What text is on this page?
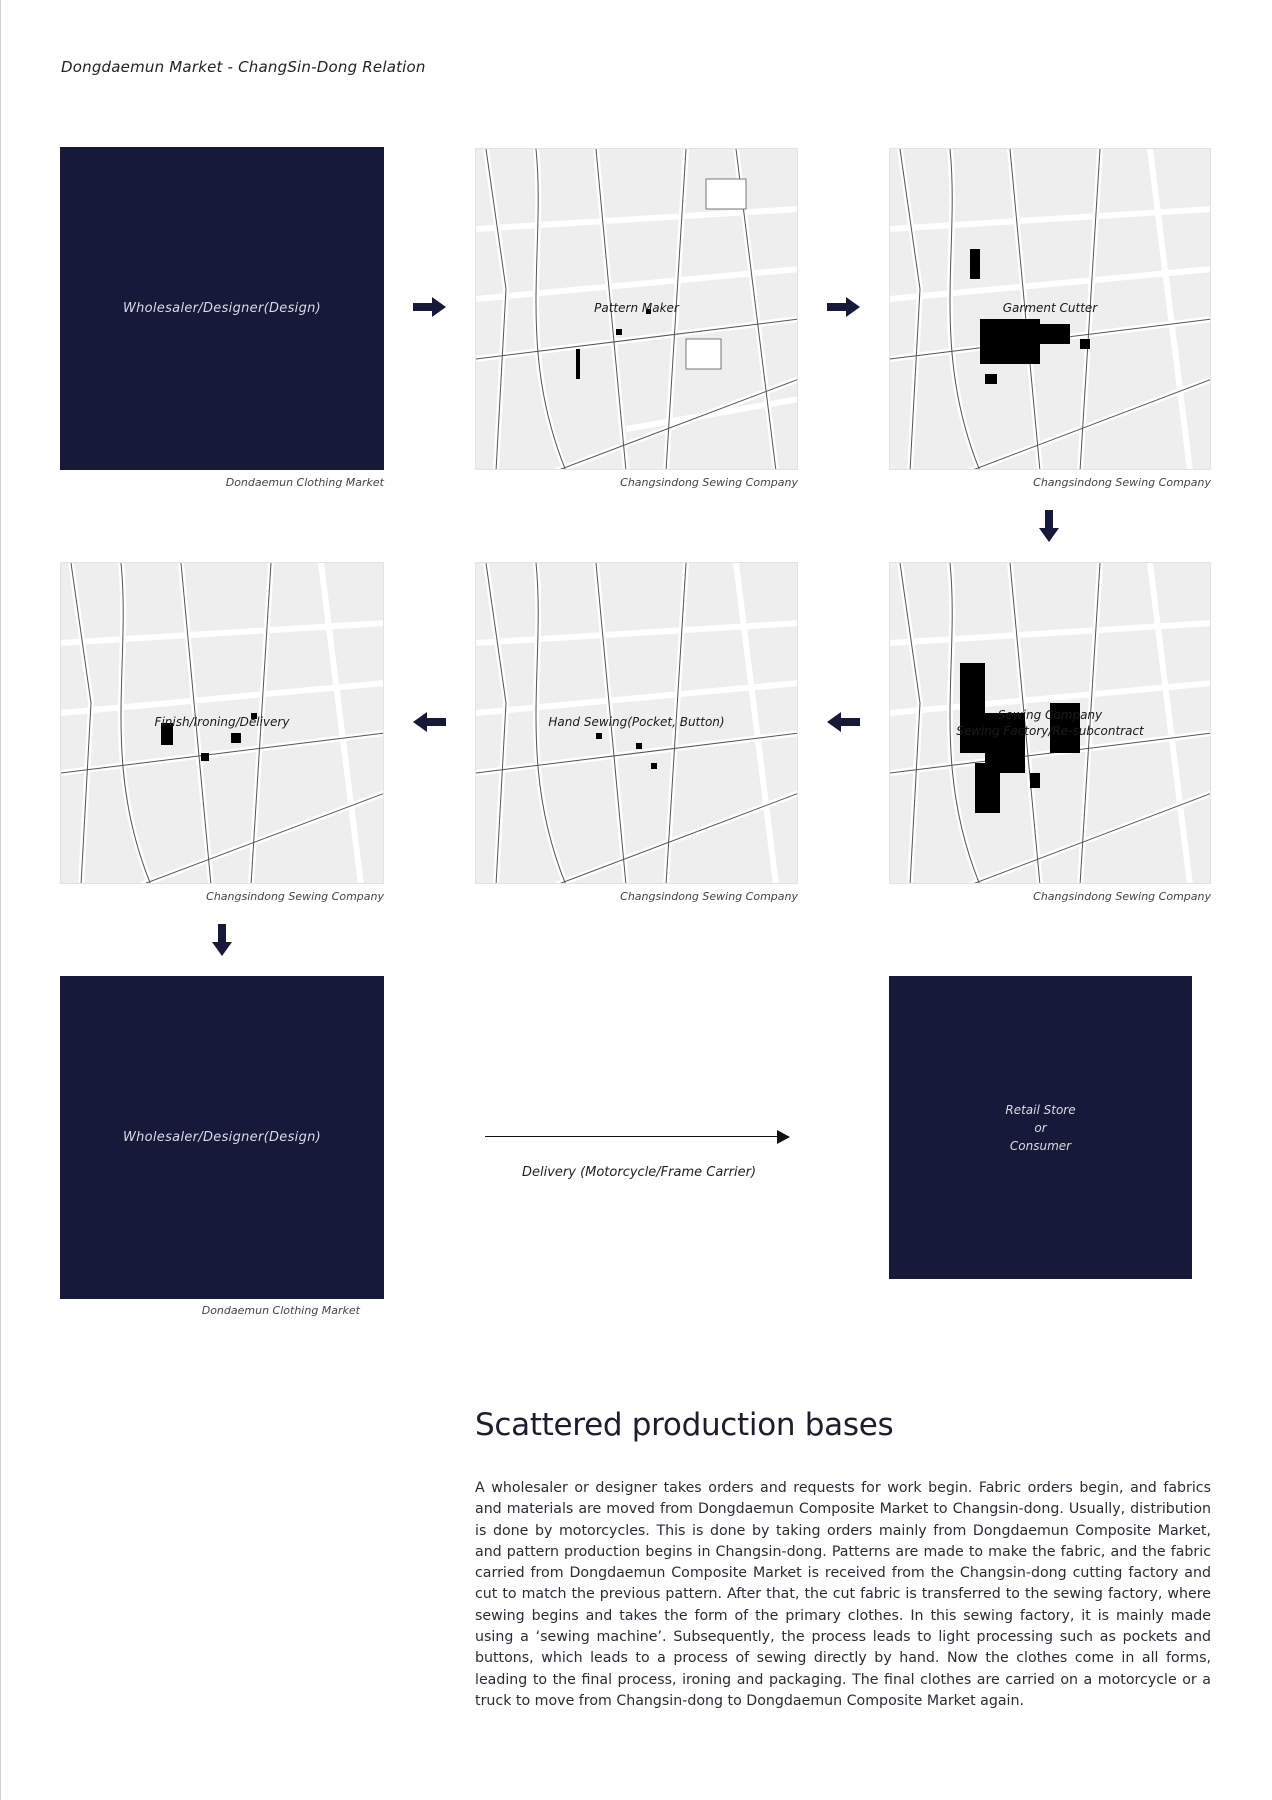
Dongdaemun Market - ChangSin-Dong Relation
Wholesaler/Designer(Design)
Dondaemun Clothing Market
Pattern Maker
Changsindong Sewing Company
Garment Cutter
Changsindong Sewing Company
Finish/Ironing/Delivery
Changsindong Sewing Company
Hand Sewing(Pocket, Button)
Changsindong Sewing Company
Sewing Company
Sewing Factory/Re-subcontract
Changsindong Sewing Company
Wholesaler/Designer(Design)
Dondaemun Clothing Market
Retail Store
or
Consumer
Delivery (Motorcycle/Frame Carrier)
Scattered production bases

A wholesaler or designer takes orders and requests for work begin. Fabric orders begin, and fabrics and materials are moved from Dongdaemun Composite Market to Changsin-dong. Usually, distribution is done by motorcycles. This is done by taking orders mainly from Dongdaemun Composite Market, and pattern production begins in Changsin-dong. Patterns are made to make the fabric, and the fabric carried from Dongdaemun Composite Market is received from the Changsin-dong cutting factory and cut to match the previous pattern. After that, the cut fabric is transferred to the sewing factory, where sewing begins and takes the form of the primary clothes. In this sewing factory, it is mainly made using a ‘sewing machine’. Subsequently, the process leads to light processing such as pockets and buttons, which leads to a process of sewing directly by hand. Now the clothes come in all forms, leading to the final process, ironing and packaging. The final clothes are carried on a motorcycle or a truck to move from Changsin-dong to Dongdaemun Composite Market again.
